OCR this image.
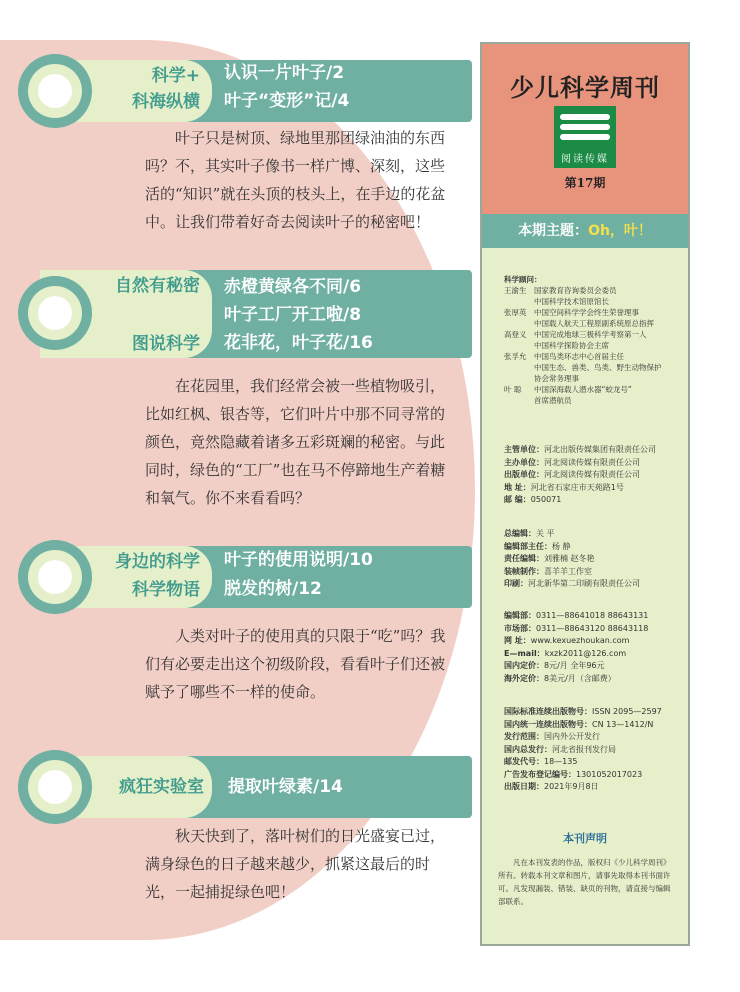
科学+
科海纵横
认识一片叶子/2
叶子“变形”记/4

叶子只是树顶、绿地里那团绿油油的东西吗？不，其实叶子像书一样广博、深刻，这些活的“知识”就在头顶的枝头上，在手边的花盆中。让我们带着好奇去阅读叶子的秘密吧！

自然有秘密
图说科学
赤橙黄绿各不同/6
叶子工厂开工啦/8
花非花，叶子花/16

在花园里，我们经常会被一些植物吸引，比如红枫、银杏等，它们叶片中那不同寻常的颜色，竟然隐藏着诸多五彩斑斓的秘密。与此同时，绿色的“工厂”也在马不停蹄地生产着糖和氧气。你不来看看吗？

身边的科学
科学物语
叶子的使用说明/10
脱发的树/12

人类对叶子的使用真的只限于“吃”吗？我们有必要走出这个初级阶段，看看叶子们还被赋予了哪些不一样的使命。

疯狂实验室 提取叶绿素/14

秋天快到了，落叶树们的日光盛宴已过，满身绿色的日子越来越少，抓紧这最后的时光，一起捕捉绿色吧！

少儿科学周刊
阅读传媒
第17期
本期主题：Oh，叶！
科学顾问：
王渝生	国家教育咨询委员会委员
中国科学技术馆原馆长
张厚英	中国空间科学学会终生荣誉理事
中国载人航天工程原副系统原总指挥
高登义	中国完成地球三极科学考察第一人
中国科学探险协会主席
张孚允	中国鸟类环志中心首届主任
中国生态、兽类、鸟类、野生动物保护
协会常务理事
叶 聪	中国深海载人潜水器“蛟龙号”
首席潜航员
主管单位：河北出版传媒集团有限责任公司
主办单位：河北阅读传媒有限责任公司
出版单位：河北阅读传媒有限责任公司
地 址：河北省石家庄市天苑路1号
邮 编：050071
总编辑：关 平
编辑部主任：杨 静
责任编辑：刘雅楠 赵冬艳
装帧制作：喜羊羊工作室
印刷：河北新华第二印刷有限责任公司
编辑部：0311—88641018 88643131
市场部：0311—88643120 88643118
网 址：www.kexuezhoukan.com
E—mail：kxzk2011@126.com
国内定价：8元/月 全年96元
海外定价：8美元/月（含邮费）
国际标准连续出版物号：ISSN 2095—2597
国内统一连续出版物号：CN 13—1412/N
发行范围：国内外公开发行
国内总发行：河北省报刊发行局
邮发代号：18—135
广告发布登记编号：1301052017023
出版日期：2021年9月8日
本刊声明
凡在本刊发表的作品，版权归《少儿科学周刊》所有。转载本刊文章和图片，请事先取得本刊书面许可。凡发现漏装、错装、缺页的刊物，请直接与编辑部联系。
